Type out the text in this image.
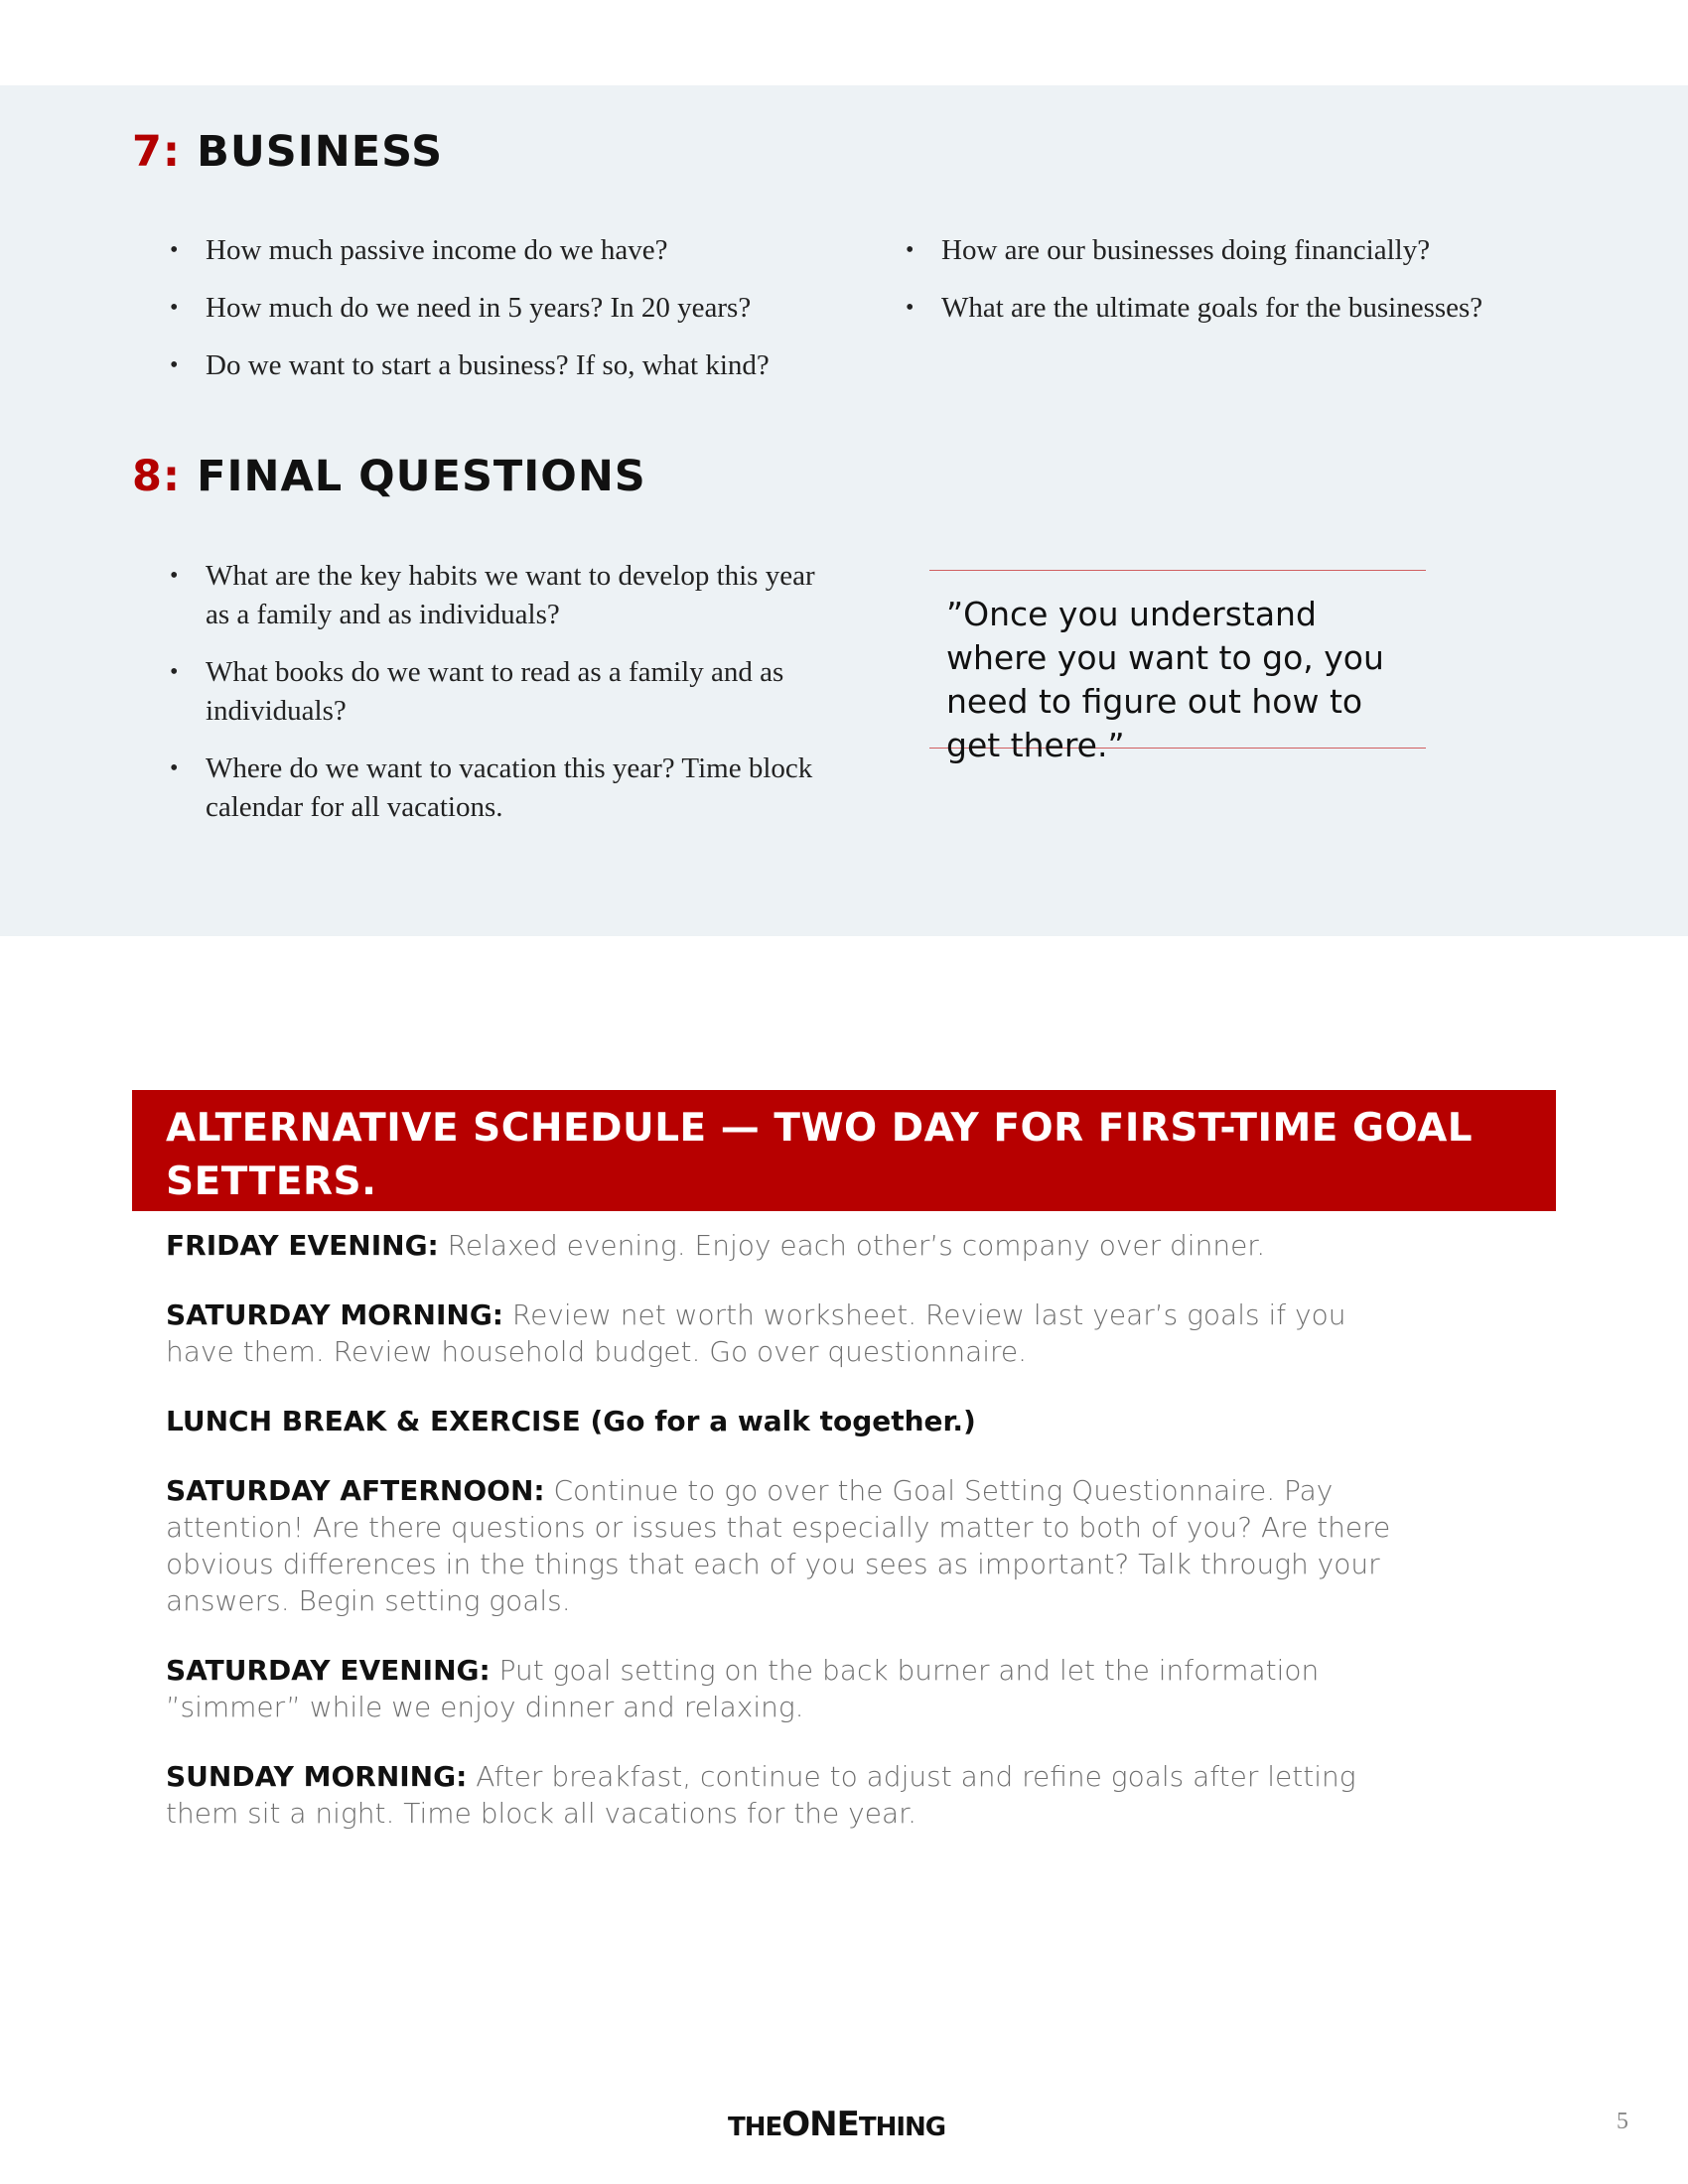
7: BUSINESS
• How much passive income do we have?
• How much do we need in 5 years? In 20 years?
• Do we want to start a business? If so, what kind?
• How are our businesses doing financially?
• What are the ultimate goals for the businesses?
8: FINAL QUESTIONS
• What are the key habits we want to develop this year as a family and as individuals?
• What books do we want to read as a family and as individuals?
• Where do we want to vacation this year? Time block calendar for all vacations.

”Once you understand where you want to go, you need to figure out how to get there.”

ALTERNATIVE SCHEDULE — TWO DAY FOR FIRST-TIME GOAL SETTERS.

FRIDAY EVENING: Relaxed evening. Enjoy each other’s company over dinner.

SATURDAY MORNING: Review net worth worksheet. Review last year’s goals if you have them. Review household budget. Go over questionnaire.

LUNCH BREAK & EXERCISE (Go for a walk together.)

SATURDAY AFTERNOON: Continue to go over the Goal Setting Questionnaire. Pay attention! Are there questions or issues that especially matter to both of you? Are there obvious differences in the things that each of you sees as important? Talk through your answers. Begin setting goals.

SATURDAY EVENING: Put goal setting on the back burner and let the information ”simmer” while we enjoy dinner and relaxing.

SUNDAY MORNING: After breakfast, continue to adjust and refine goals after letting them sit a night. Time block all vacations for the year.

THEONETHING	5
